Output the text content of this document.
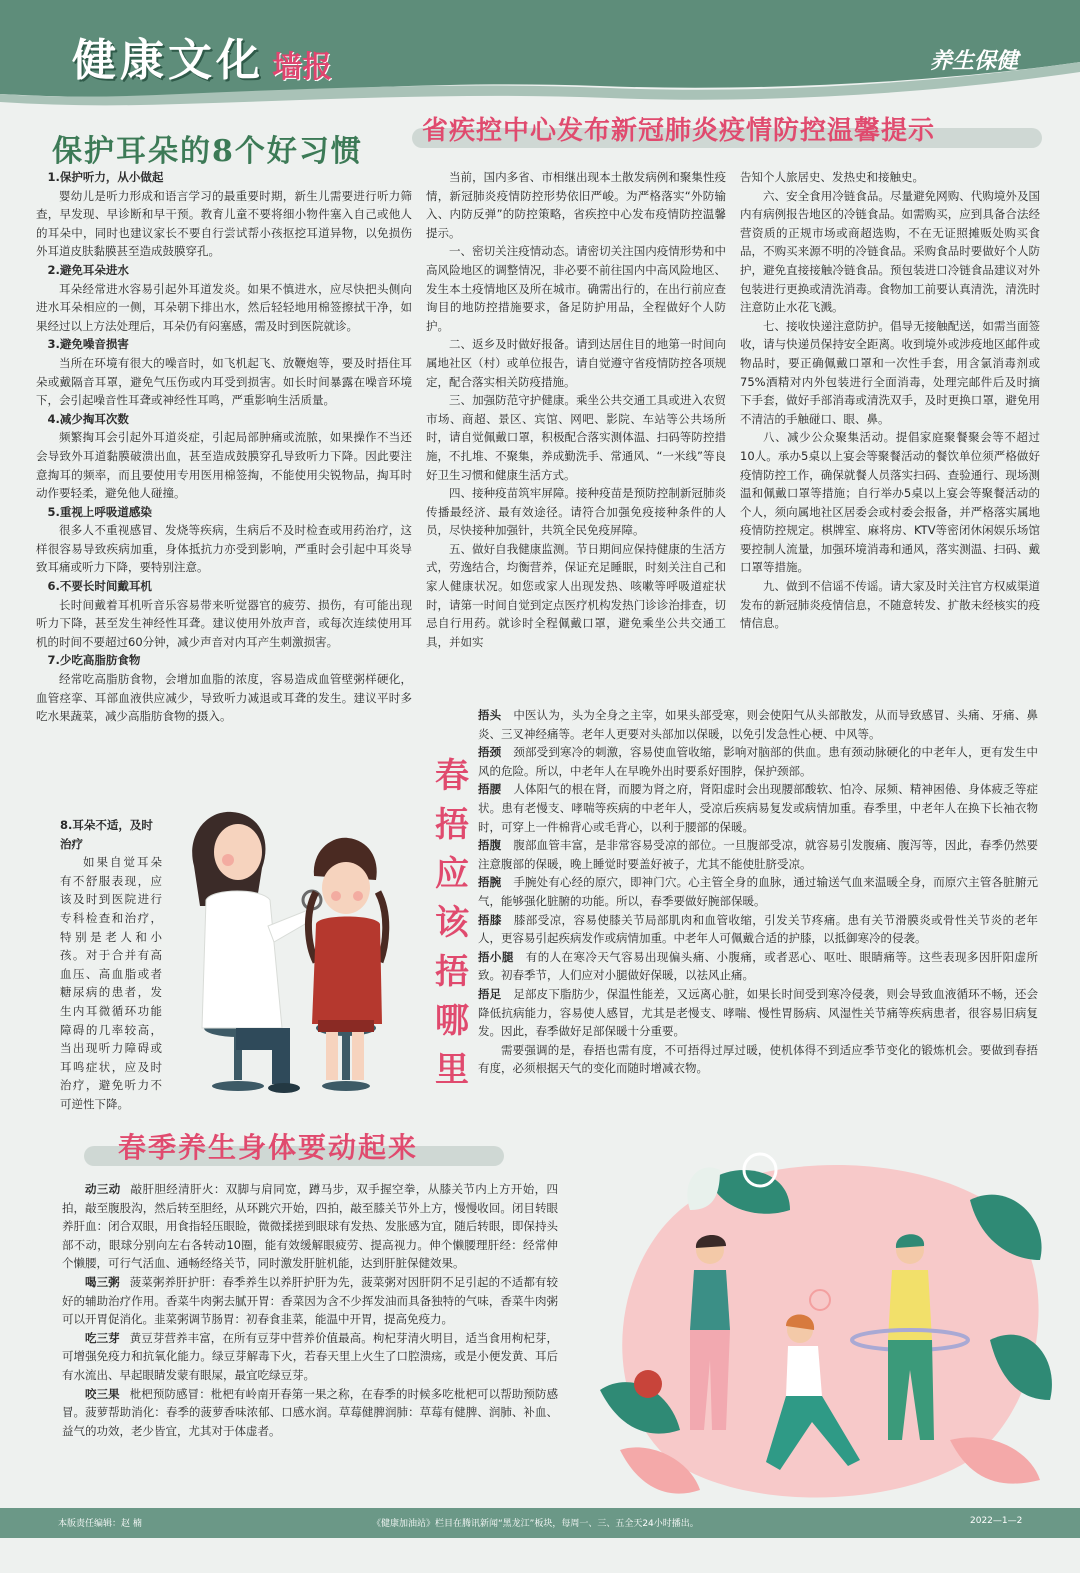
健康文化 墙报	养生保健
保护耳朵的8个好习惯
1.保护听力，从小做起

婴幼儿是听力形成和语言学习的最重要时期，新生儿需要进行听力筛查，早发现、早诊断和早干预。教育儿童不要将细小物件塞入自己或他人的耳朵中，同时也建议家长不要自行尝试帮小孩抠挖耳道异物，以免损伤外耳道皮肤黏膜甚至造成鼓膜穿孔。

2.避免耳朵进水

耳朵经常进水容易引起外耳道发炎。如果不慎进水，应尽快把头侧向进水耳朵相应的一侧，耳朵朝下排出水，然后轻轻地用棉签擦拭干净，如果经过以上方法处理后，耳朵仍有闷塞感，需及时到医院就诊。

3.避免噪音损害

当所在环境有很大的噪音时，如飞机起飞、放鞭炮等，要及时捂住耳朵或戴隔音耳罩，避免气压伤或内耳受到损害。如长时间暴露在噪音环境下，会引起噪音性耳聋或神经性耳鸣，严重影响生活质量。

4.减少掏耳次数

频繁掏耳会引起外耳道炎症，引起局部肿痛或流脓，如果操作不当还会导致外耳道黏膜破溃出血，甚至造成鼓膜穿孔导致听力下降。因此要注意掏耳的频率，而且要使用专用医用棉签掏，不能使用尖锐物品，掏耳时动作要轻柔，避免他人碰撞。

5.重视上呼吸道感染

很多人不重视感冒、发烧等疾病，生病后不及时检查或用药治疗，这样很容易导致疾病加重，身体抵抗力亦受到影响，严重时会引起中耳炎导致耳痛或听力下降，要特别注意。

6.不要长时间戴耳机

长时间戴着耳机听音乐容易带来听觉器官的疲劳、损伤，有可能出现听力下降，甚至发生神经性耳聋。建议使用外放声音，或每次连续使用耳机的时间不要超过60分钟，减少声音对内耳产生刺激损害。

7.少吃高脂肪食物

经常吃高脂肪食物，会增加血脂的浓度，容易造成血管壁粥样硬化，血管痉挛、耳部血液供应减少，导致听力减退或耳聋的发生。建议平时多吃水果蔬菜，减少高脂肪食物的摄入。

8.耳朵不适，及时治疗

如果自觉耳朵有不舒服表现，应该及时到医院进行专科检查和治疗，特别是老人和小孩。对于合并有高血压、高血脂或者糖尿病的患者，发生内耳微循环功能障碍的几率较高，当出现听力障碍或耳鸣症状，应及时治疗，避免听力不可逆性下降。

省疾控中心发布新冠肺炎疫情防控温馨提示

当前，国内多省、市相继出现本土散发病例和聚集性疫情，新冠肺炎疫情防控形势依旧严峻。为严格落实“外防输入、内防反弹”的防控策略，省疾控中心发布疫情防控温馨提示。

一、密切关注疫情动态。请密切关注国内疫情形势和中高风险地区的调整情况，非必要不前往国内中高风险地区、发生本土疫情地区及所在城市。确需出行的，在出行前应查询目的地防控措施要求，备足防护用品，全程做好个人防护。

二、返乡及时做好报备。请到达居住目的地第一时间向属地社区（村）或单位报告，请自觉遵守省疫情防控各项规定，配合落实相关防疫措施。

三、加强防范守护健康。乘坐公共交通工具或进入农贸市场、商超、景区、宾馆、网吧、影院、车站等公共场所时，请自觉佩戴口罩，积极配合落实测体温、扫码等防控措施，不扎堆、不聚集，养成勤洗手、常通风、“一米线”等良好卫生习惯和健康生活方式。

四、接种疫苗筑牢屏障。接种疫苗是预防控制新冠肺炎传播最经济、最有效途径。请符合加强免疫接种条件的人员，尽快接种加强针，共筑全民免疫屏障。

五、做好自我健康监测。节日期间应保持健康的生活方式，劳逸结合，均衡营养，保证充足睡眠，时刻关注自己和家人健康状况。如您或家人出现发热、咳嗽等呼吸道症状时，请第一时间自觉到定点医疗机构发热门诊诊治排查，切忌自行用药。就诊时全程佩戴口罩，避免乘坐公共交通工具，并如实

告知个人旅居史、发热史和接触史。

六、安全食用冷链食品。尽量避免网购、代购境外及国内有病例报告地区的冷链食品。如需购买，应到具备合法经营资质的正规市场或商超选购，不在无证照摊贩处购买食品，不购买来源不明的冷链食品。采购食品时要做好个人防护，避免直接接触冷链食品。预包装进口冷链食品建议对外包装进行更换或清洗消毒。食物加工前要认真清洗，清洗时注意防止水花飞溅。

七、接收快递注意防护。倡导无接触配送，如需当面签收，请与快递员保持安全距离。收到境外或涉疫地区邮件或物品时，要正确佩戴口罩和一次性手套，用含氯消毒剂或75%酒精对内外包装进行全面消毒，处理完邮件后及时摘下手套，做好手部消毒或清洗双手，及时更换口罩，避免用不清洁的手触碰口、眼、鼻。

八、减少公众聚集活动。提倡家庭聚餐聚会等不超过10人。承办5桌以上宴会等聚餐活动的餐饮单位须严格做好疫情防控工作，确保就餐人员落实扫码、查验通行、现场测温和佩戴口罩等措施；自行举办5桌以上宴会等聚餐活动的个人，须向属地社区居委会或村委会报备，并严格落实属地疫情防控规定。棋牌室、麻将房、KTV等密闭休闲娱乐场馆要控制人流量，加强环境消毒和通风，落实测温、扫码、戴口罩等措施。

九、做到不信谣不传谣。请大家及时关注官方权威渠道发布的新冠肺炎疫情信息，不随意转发、扩散未经核实的疫情信息。

春捂应该捂哪里

捂头 中医认为，头为全身之主宰，如果头部受寒，则会使阳气从头部散发，从而导致感冒、头痛、牙痛、鼻炎、三叉神经痛等。老年人更要对头部加以保暖，以免引发急性心梗、中风等。

捂颈 颈部受到寒冷的刺激，容易使血管收缩，影响对脑部的供血。患有颈动脉硬化的中老年人，更有发生中风的危险。所以，中老年人在早晚外出时要系好围脖，保护颈部。

捂腰 人体阳气的根在肾，而腰为肾之府，肾阳虚时会出现腰部酸软、怕冷、尿频、精神困倦、身体疲乏等症状。患有老慢支、哮喘等疾病的中老年人，受凉后疾病易复发或病情加重。春季里，中老年人在换下长袖衣物时，可穿上一件棉背心或毛背心，以利于腰部的保暖。

捂腹 腹部血管丰富，是非常容易受凉的部位。一旦腹部受凉，就容易引发腹痛、腹泻等，因此，春季仍然要注意腹部的保暖，晚上睡觉时要盖好被子，尤其不能使肚脐受凉。

捂腕 手腕处有心经的原穴，即神门穴。心主管全身的血脉，通过输送气血来温暖全身，而原穴主管各脏腑元气，能够强化脏腑的功能。所以，春季要做好腕部保暖。

捂膝 膝部受凉，容易使膝关节局部肌肉和血管收缩，引发关节疼痛。患有关节滑膜炎或骨性关节炎的老年人，更容易引起疾病发作或病情加重。中老年人可佩戴合适的护膝，以抵御寒冷的侵袭。

捂小腿 有的人在寒冷天气容易出现偏头痛、小腹痛，或者恶心、呕吐、眼睛痛等。这些表现多因肝阳虚所致。初春季节，人们应对小腿做好保暖，以祛风止痛。

捂足 足部皮下脂肪少，保温性能差，又远离心脏，如果长时间受到寒冷侵袭，则会导致血液循环不畅，还会降低抗病能力，容易使人感冒，尤其是老慢支、哮喘、慢性胃肠病、风湿性关节痛等疾病患者，很容易旧病复发。因此，春季做好足部保暖十分重要。

需要强调的是，春捂也需有度，不可捂得过厚过暖，使机体得不到适应季节变化的锻炼机会。要做到春捂有度，必须根据天气的变化而随时增减衣物。

春季养生身体要动起来

动三动 敲肝胆经清肝火：双脚与肩同宽，蹲马步，双手握空拳，从膝关节内上方开始，四拍，敲至腹股沟，然后转至胆经，从环跳穴开始，四拍，敲至膝关节外上方，慢慢收回。闭目转眼养肝血：闭合双眼，用食指轻压眼睑，微微揉搓到眼球有发热、发胀感为宜，随后转眼，即保持头部不动，眼球分别向左右各转动10圈，能有效缓解眼疲劳、提高视力。伸个懒腰理肝经：经常伸个懒腰，可行气活血、通畅经络关节，同时激发肝脏机能，达到肝脏保健效果。

喝三粥 菠菜粥养肝护肝：春季养生以养肝护肝为先，菠菜粥对因肝阴不足引起的不适都有较好的辅助治疗作用。香菜牛肉粥去腻开胃：香菜因为含不少挥发油而具备独特的气味，香菜牛肉粥可以开胃促消化。韭菜粥调节肠胃：初春食韭菜，能温中开胃，提高免疫力。

吃三芽 黄豆芽营养丰富，在所有豆芽中营养价值最高。枸杞芽清火明目，适当食用枸杞芽，可增强免疫力和抗氧化能力。绿豆芽解毒下火，若春天里上火生了口腔溃疡，或是小便发黄、耳后有水流出、早起眼睛发蒙有眼屎，最宜吃绿豆芽。

咬三果 枇杷预防感冒：枇杷有岭南开春第一果之称，在春季的时候多吃枇杷可以帮助预防感冒。菠萝帮助消化：春季的菠萝香味浓郁、口感水润。草莓健脾润肺：草莓有健脾、润肺、补血、益气的功效，老少皆宜，尤其对于体虚者。

本版责任编辑：赵 楠	《健康加油站》栏目在腾讯新闻“黑龙江”板块，每周一、三、五全天24小时播出。	2022—1—2
